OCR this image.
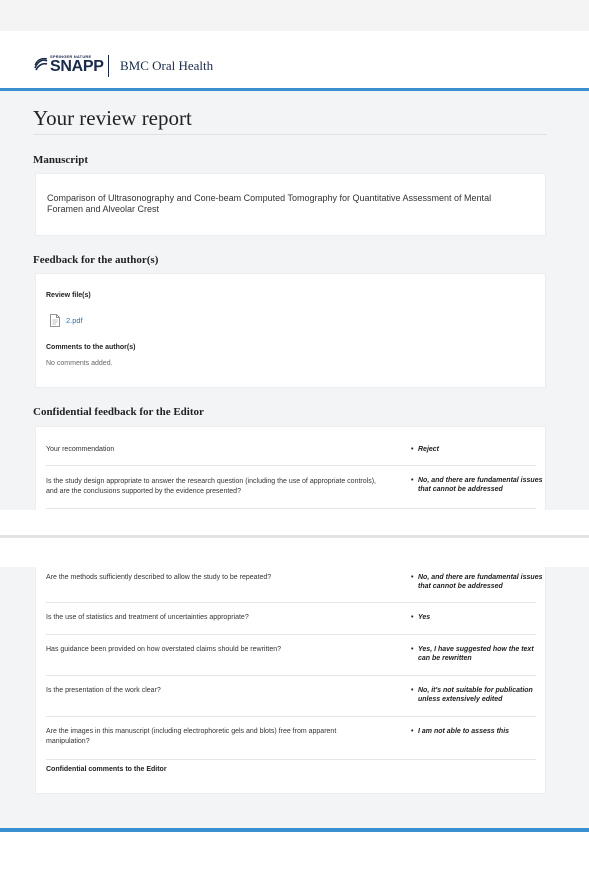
SPRINGER NATURE
SNAPP BMC Oral Health
Your review report
Manuscript
Comparison of Ultrasonography and Cone-beam Computed Tomography for Quantitative Assessment of Mental Foramen and Alveolar Crest
Feedback for the author(s)
Review file(s)
2.pdf
Comments to the author(s)
No comments added.
Confidential feedback for the Editor
Your recommendation	• Reject
Is the study design appropriate to answer the research question (including the use of appropriate controls), and are the conclusions supported by the evidence presented?
• No, and there are fundamental issues that cannot be addressed
Are the methods sufficiently described to allow the study to be repeated?	• No, and there are fundamental issues that cannot be addressed
Is the use of statistics and treatment of uncertainties appropriate?	• Yes
Has guidance been provided on how overstated claims should be rewritten?	• Yes, I have suggested how the text can be rewritten
Is the presentation of the work clear?	• No, it's not suitable for publication unless extensively edited
Are the images in this manuscript (including electrophoretic gels and blots) free from apparent manipulation?
• I am not able to assess this
Confidential comments to the Editor
